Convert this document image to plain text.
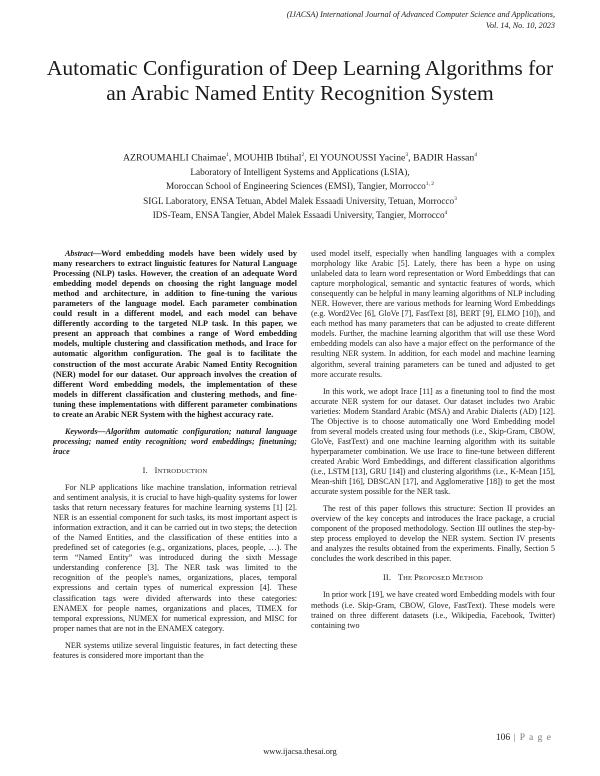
(IJACSA) International Journal of Advanced Computer Science and Applications,
Vol. 14, No. 10, 2023
Automatic Configuration of Deep Learning Algorithms for an Arabic Named Entity Recognition System
AZROUMAHLI Chaimae$^1$, MOUHIB Ibtihal$^2$, El YOUNOUSSI Yacine$^3$, BADIR Hassan$^4$
Laboratory of Intelligent Systems and Applications (LSIA),
Moroccan School of Engineering Sciences (EMSI), Tangier, Morrocco$^{1, 2}$
SIGL Laboratory, ENSA Tetuan, Abdel Malek Essaadi University, Tetuan, Morrocco$^3$
IDS-Team, ENSA Tangier, Abdel Malek Essaadi University, Tangier, Morrocco$^4$

Abstract—Word embedding models have been widely used by many researchers to extract linguistic features for Natural Language Processing (NLP) tasks. However, the creation of an adequate Word embedding model depends on choosing the right language model method and architecture, in addition to fine-tuning the various parameters of the language model. Each parameter combination could result in a different model, and each model can behave differently according to the targeted NLP task. In this paper, we present an approach that combines a range of Word embedding models, multiple clustering and classification methods, and Irace for automatic algorithm configuration. The goal is to facilitate the construction of the most accurate Arabic Named Entity Recognition (NER) model for our dataset. Our approach involves the creation of different Word embedding models, the implementation of these models in different classification and clustering methods, and fine-tuning these implementations with different parameter combinations to create an Arabic NER System with the highest accuracy rate.

Keywords—Algorithm automatic configuration; natural language processing; named entity recognition; word embeddings; finetuning; irace

I. INTRODUCTION

For NLP applications like machine translation, information retrieval and sentiment analysis, it is crucial to have high-quality systems for lower tasks that return necessary features for machine learning systems [1] [2]. NER is an essential component for such tasks, its most important aspect is information extraction, and it can be carried out in two steps; the detection of the Named Entities, and the classification of these entities into a predefined set of categories (e.g., organizations, places, people, …). The term “Named Entity” was introduced during the sixth Message understanding conference [3]. The NER task was limited to the recognition of the people's names, organizations, places, temporal expressions and certain types of numerical expression [4]. These classification tags were divided afterwards into these categories: ENAMEX for people names, organizations and places, TIMEX for temporal expressions, NUMEX for numerical expression, and MISC for proper names that are not in the ENAMEX category.

NER systems utilize several linguistic features, in fact detecting these features is considered more important than the

used model itself, especially when handling languages with a complex morphology like Arabic [5]. Lately, there has been a hype on using unlabeled data to learn word representation or Word Embeddings that can capture morphological, semantic and syntactic features of words, which consequently can be helpful in many learning algorithms of NLP including NER. However, there are various methods for learning Word Embeddings (e.g. Word2Vec [6], GloVe [7], FastText [8], BERT [9], ELMO [10]), and each method has many parameters that can be adjusted to create different models. Further, the machine learning algorithm that will use these Word embedding models can also have a major effect on the performance of the resulting NER system. In addition, for each model and machine learning algorithm, several training parameters can be tuned and adjusted to get more accurate results.

In this work, we adopt Irace [11] as a finetuning tool to find the most accurate NER system for our dataset. Our dataset includes two Arabic varieties: Modern Standard Arabic (MSA) and Arabic Dialects (AD) [12]. The Objective is to choose automatically one Word Embedding model from several models created using four methods (i.e., Skip-Gram, CBOW, GloVe, FastText) and one machine learning algorithm with its suitable hyperparameter combination. We use Irace to fine-tune between different created Arabic Word Embeddings, and different classification algorithms (i.e., LSTM [13], GRU [14]) and clustering algorithms (i.e., K-Mean [15], Mean-shift [16], DBSCAN [17], and Agglomerative [18]) to get the most accurate system possible for the NER task.

The rest of this paper follows this structure: Section II provides an overview of the key concepts and introduces the Irace package, a crucial component of the proposed methodology. Section III outlines the step-by-step process employed to develop the NER system. Section IV presents and analyzes the results obtained from the experiments. Finally, Section 5 concludes the work described in this paper.

II. THE PROPOSED METHOD

In prior work [19], we have created word Embedding models with four methods (i.e. Skip-Gram, CBOW, Glove, FastText). These models were trained on three different datasets (i.e., Wikipedia, Facebook, Twitter) containing two

106 | P a g e
www.ijacsa.thesai.org
